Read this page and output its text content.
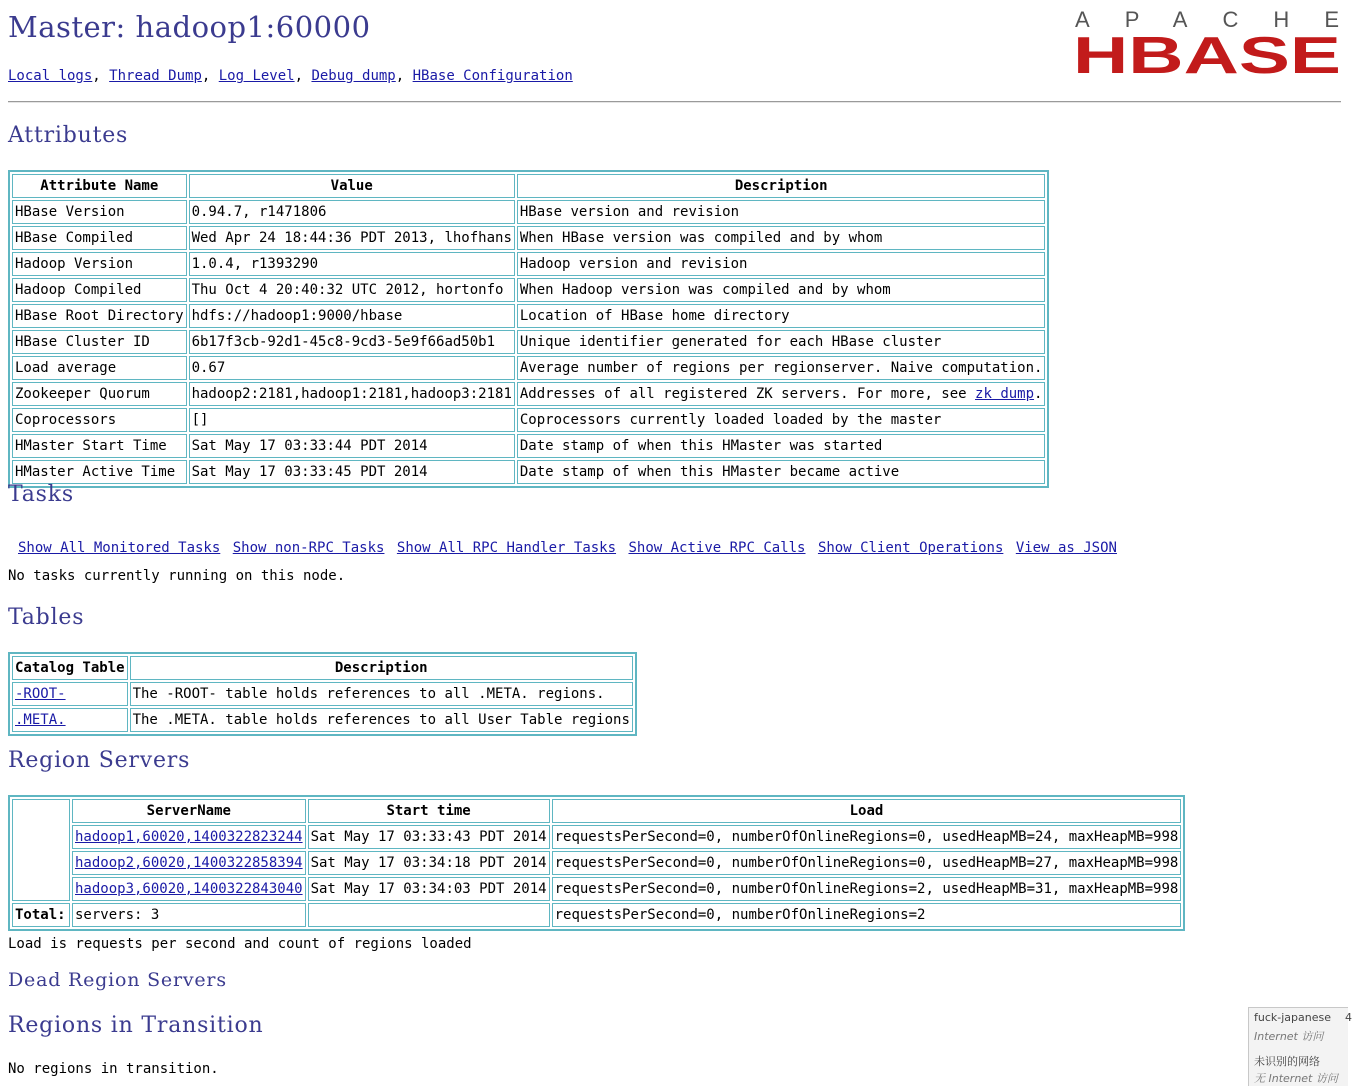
Master: hadoop1:60000
Local logs, Thread Dump, Log Level, Debug dump, HBase Configuration
APACHE
HBASE
Attributes
Attribute Name	Value	Description
HBase Version	0.94.7, r1471806	HBase version and revision
HBase Compiled	Wed Apr 24 18:44:36 PDT 2013, lhofhans	When HBase version was compiled and by whom
Hadoop Version	1.0.4, r1393290	Hadoop version and revision
Hadoop Compiled	Thu Oct 4 20:40:32 UTC 2012, hortonfo	When Hadoop version was compiled and by whom
HBase Root Directory	hdfs://hadoop1:9000/hbase	Location of HBase home directory
HBase Cluster ID	6b17f3cb-92d1-45c8-9cd3-5e9f66ad50b1	Unique identifier generated for each HBase cluster
Load average	0.67	Average number of regions per regionserver. Naive computation.
Zookeeper Quorum	hadoop2:2181,hadoop1:2181,hadoop3:2181	Addresses of all registered ZK servers. For more, see zk dump.
Coprocessors	[]	Coprocessors currently loaded loaded by the master
HMaster Start Time	Sat May 17 03:33:44 PDT 2014	Date stamp of when this HMaster was started
HMaster Active Time	Sat May 17 03:33:45 PDT 2014	Date stamp of when this HMaster became active
Tasks
Show All Monitored Tasks Show non-RPC Tasks Show All RPC Handler Tasks Show Active RPC Calls Show Client Operations View as JSON
No tasks currently running on this node.
Tables
Catalog Table	Description
-ROOT-	The -ROOT- table holds references to all .META. regions.
.META.	The .META. table holds references to all User Table regions
Region Servers
	ServerName	Start time	Load
	hadoop1,60020,1400322823244	Sat May 17 03:33:43 PDT 2014	requestsPerSecond=0, numberOfOnlineRegions=0, usedHeapMB=24, maxHeapMB=998
	hadoop2,60020,1400322858394	Sat May 17 03:34:18 PDT 2014	requestsPerSecond=0, numberOfOnlineRegions=0, usedHeapMB=27, maxHeapMB=998
	hadoop3,60020,1400322843040	Sat May 17 03:34:03 PDT 2014	requestsPerSecond=0, numberOfOnlineRegions=2, usedHeapMB=31, maxHeapMB=998
Total:	servers: 3		requestsPerSecond=0, numberOfOnlineRegions=2
Load is requests per second and count of regions loaded
Dead Region Servers
Regions in Transition
No regions in transition.
fuck-japanese 4
Internet 访问
未识别的网络
无 Internet 访问
